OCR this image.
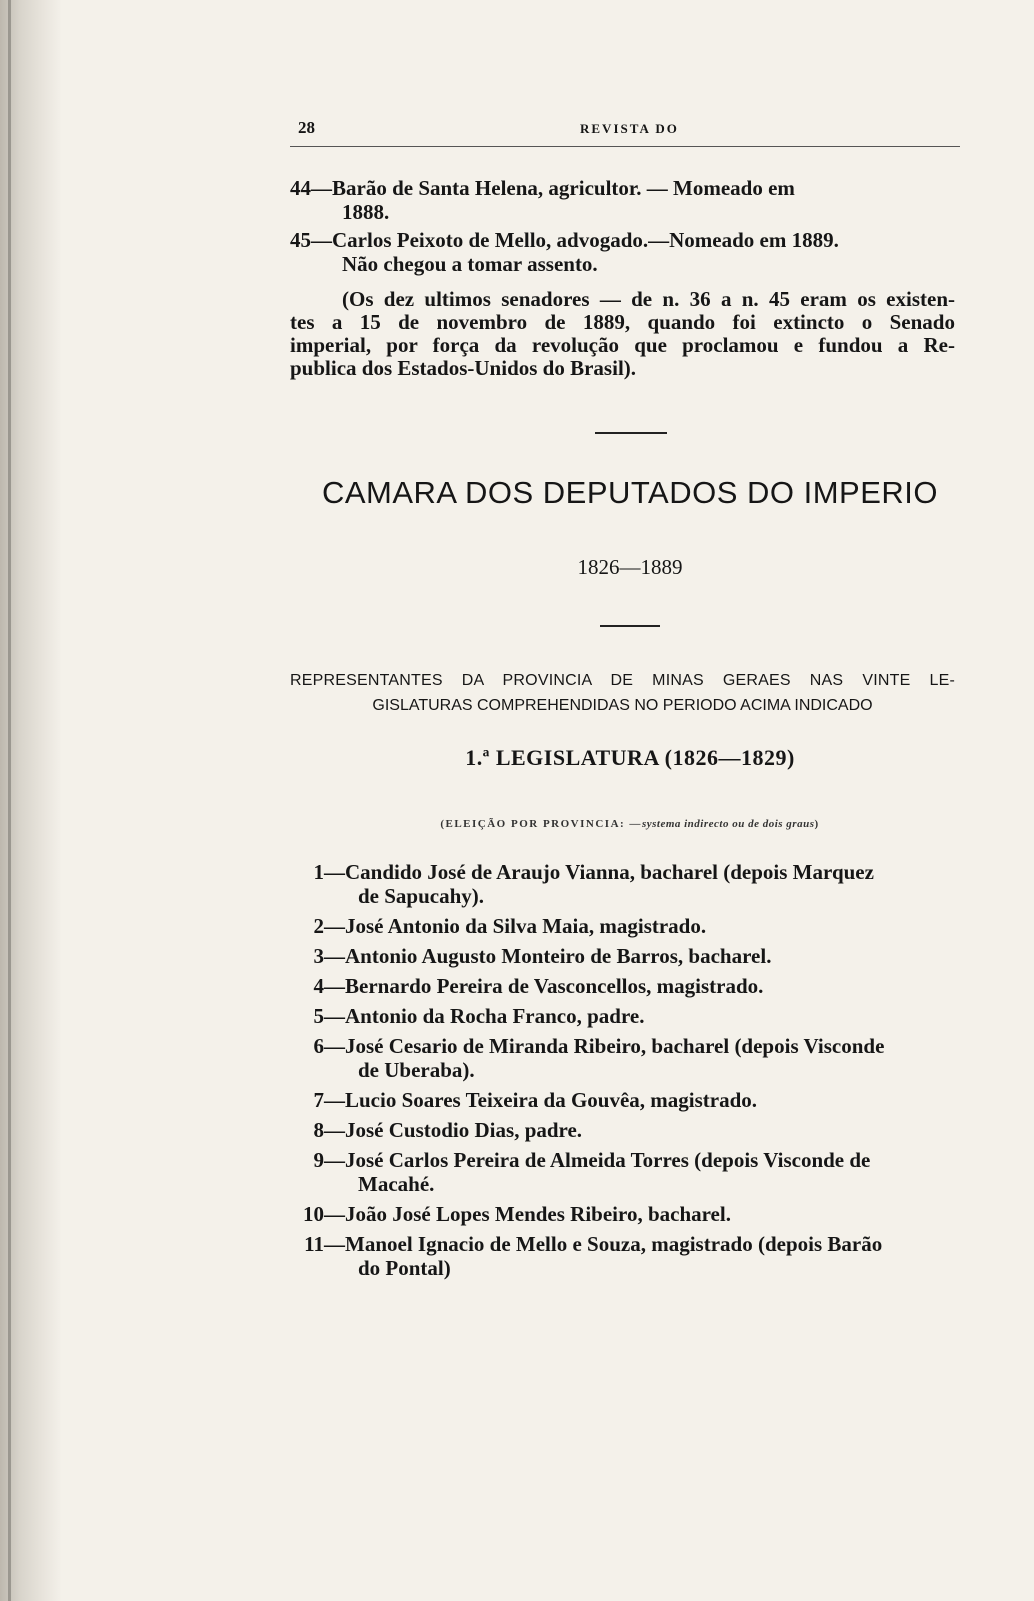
28	REVISTA DO
44—Barão de Santa Helena, agricultor. — Momeado em
1888.
45—Carlos Peixoto de Mello, advogado.—Nomeado em 1889.
Não chegou a tomar assento.
(Os dez ultimos senadores — de n. 36 a n. 45 eram os existen-
tes a 15 de novembro de 1889, quando foi extincto o Senado
imperial, por força da revolução que proclamou e fundou a Re-
publica dos Estados-Unidos do Brasil).
CAMARA DOS DEPUTADOS DO IMPERIO
1826—1889
REPRESENTANTES DA PROVINCIA DE MINAS GERAES NAS VINTE LE-
GISLATURAS COMPREHENDIDAS NO PERIODO ACIMA INDICADO
1.ª LEGISLATURA (1826—1829)
(ELEIÇÃO POR PROVINCIA: —systema indirecto ou de dois graus)
1—Candido José de Araujo Vianna, bacharel (depois Marquez
de Sapucahy).
2—José Antonio da Silva Maia, magistrado.
3—Antonio Augusto Monteiro de Barros, bacharel.
4—Bernardo Pereira de Vasconcellos, magistrado.
5—Antonio da Rocha Franco, padre.
6—José Cesario de Miranda Ribeiro, bacharel (depois Visconde
de Uberaba).
7—Lucio Soares Teixeira da Gouvêa, magistrado.
8—José Custodio Dias, padre.
9—José Carlos Pereira de Almeida Torres (depois Visconde de
Macahé.
10—João José Lopes Mendes Ribeiro, bacharel.
11—Manoel Ignacio de Mello e Souza, magistrado (depois Barão
do Pontal)
